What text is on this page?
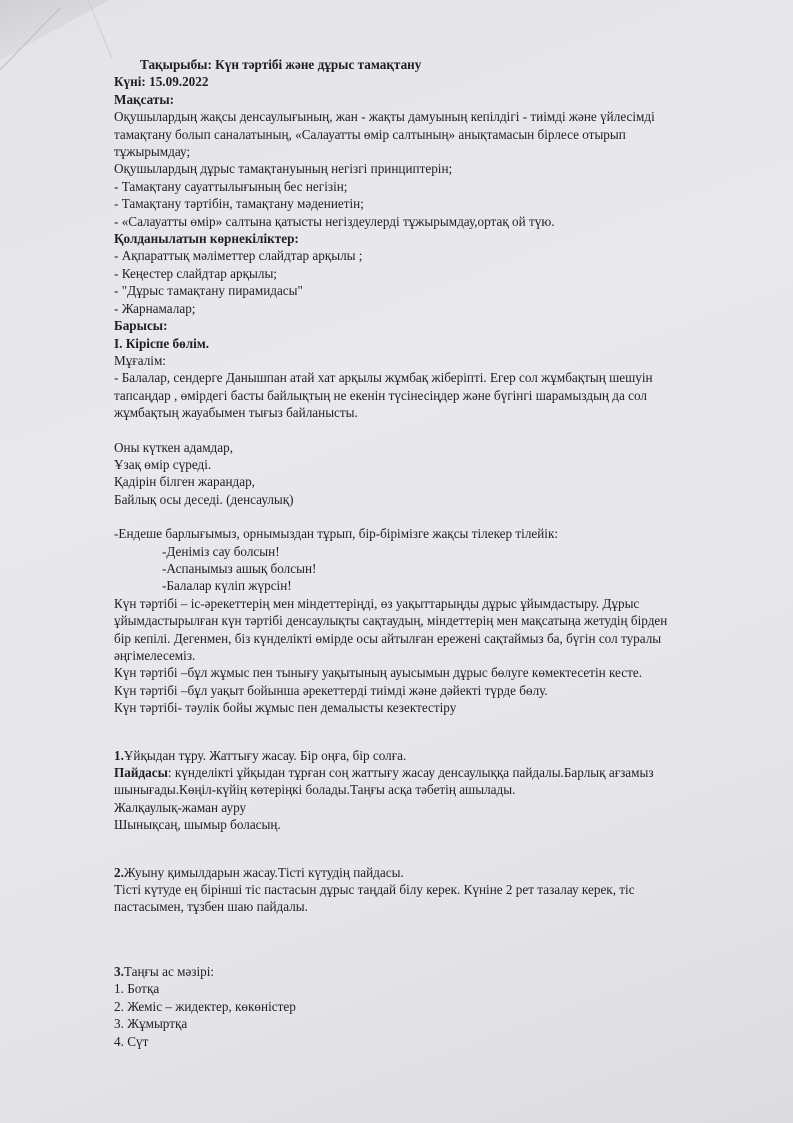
Тақырыбы: Күн тәртібі және дұрыс тамақтану

Күні: 15.09.2022

Мақсаты:

Оқушылардың жақсы денсаулығының, жан - жақты дамуының кепілдігі - тиімді және үйлесімді

тамақтану болып саналатының, «Салауатты өмір салтының» анықтамасын бірлесе отырып

тұжырымдау;

Оқушылардың дұрыс тамақтануының негізгі принциптерін;

- Тамақтану сауаттылығының бес негізін;

- Тамақтану тәртібін, тамақтану мәдениетін;

- «Салауатты өмір» салтына қатысты негіздеулерді тұжырымдау,ортақ ой түю.

Қолданылатын көрнекіліктер:

- Ақпараттық мәліметтер слайдтар арқылы ;

- Кеңестер слайдтар арқылы;

- "Дұрыс тамақтану пирамидасы"

- Жарнамалар;

Барысы:

I. Кіріспе бөлім.

Мұғалім:

- Балалар, сендерге Данышпан атай хат арқылы жұмбақ жіберіпті. Егер сол жұмбақтың шешуін

тапсаңдар , өміpдегі басты байлықтың не екенін түсінесіңдер және бүгінгі шарамыздың да сол

жұмбақтың жауабымен тығыз байланысты.

Оны күткен адамдар,

Ұзақ өмір сүреді.

Қадірін білген жарандар,

Байлық осы деседі. (денсаулық)

-Ендеше барлығымыз, орнымыздан тұрып, бір-бірімізге жақсы тілекер тілейік:

-Деніміз сау болсын!

-Аспанымыз ашық болсын!

-Балалар күліп жүрсін!

Күн тәртібі – іс-әрекеттерің мен міндеттеріңді, өз уақыттарыңды дұрыс ұйымдастыру. Дұрыс

ұйымдастырылған күн тәртібі денсаулықты сақтаудың, міндеттерің мен мақсатыңа жетудің бірден

бір кепілі. Дегенмен, біз күнделікті өмірде осы айтылған ережені сақтаймыз ба, бүгін сол туралы

әңгімелесеміз.

Күн тәртібі –бұл жұмыс пен тынығу уақытының ауысымын дұрыс бөлуге көмектесетін кесте.

Күн тәртібі –бұл уақыт бойынша әрекеттерді тиімді және дәйекті түрде бөлу.

Күн тәртібі- тәулік бойы жұмыс пен демалысты кезектестіру

1.Ұйқыдан тұру. Жаттығу жасау. Бір оңға, бір солға.

Пайдасы: күнделікті ұйқыдан тұрған соң жаттығу жасау денсаулыққа пайдалы.Барлық ағзамыз

шынығады.Көңіл-күйің көтеріңкі болады.Таңғы асқа тәбетің ашылады.

Жалқаулық-жаман ауру

Шынықсаң, шымыр боласың.

2.Жуыну қимылдарын жасау.Тісті күтудің пайдасы.

Тісті күтуде ең бірінші тіс пастасын дұрыс таңдай білу керек. Күніне 2 рет тазалау керек, тіс

пастасымен, тұзбен шаю пайдалы.

3.Таңғы ас мәзірі:

1. Ботқа

2. Жеміс – жидектер, көкөністер

3. Жұмыртқа

4. Сүт
